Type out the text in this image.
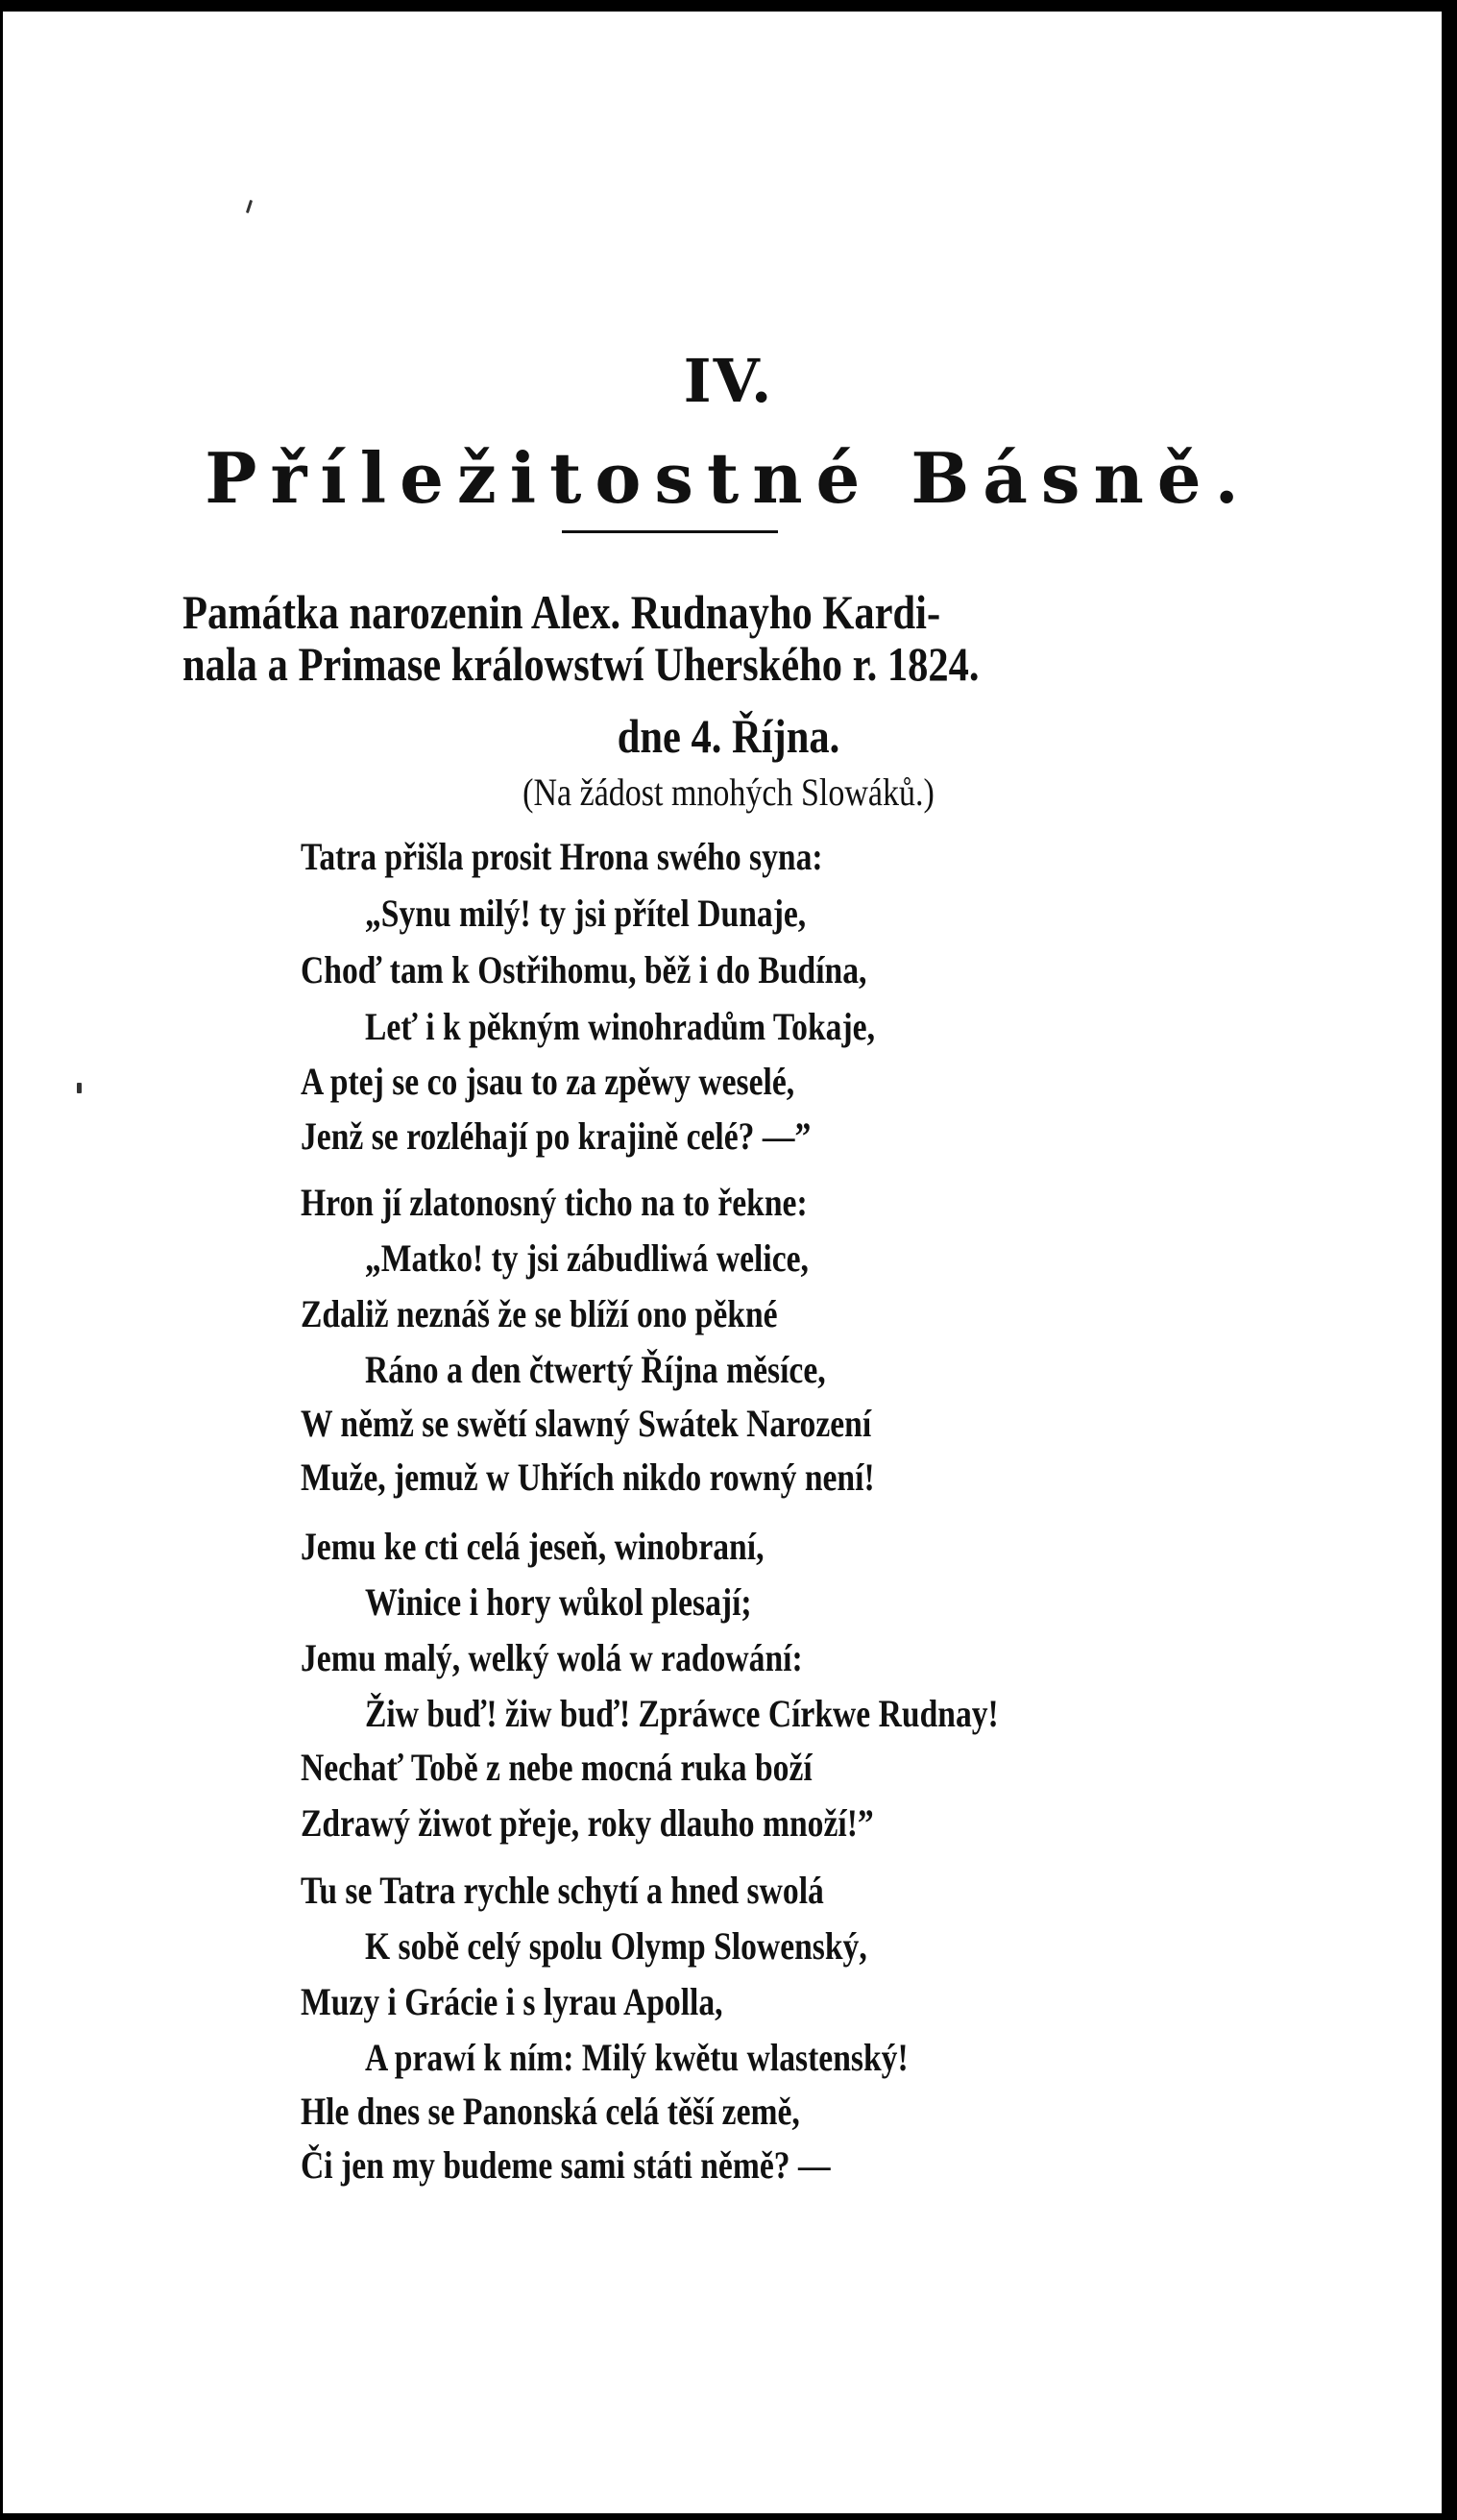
IV.
Příležitostné Básně.
Památka narozenin Alex. Rudnayho Kardi-
nala a Primase králowstwí Uherského r. 1824.
dne 4. Října.
(Na žádost mnohých Slowáků.)
Tatra přišla prosit Hrona swého syna:
„Synu milý! ty jsi přítel Dunaje,
Choď tam k Ostřihomu, běž i do Budína,
Leť i k pěkným winohradům Tokaje,
A ptej se co jsau to za zpěwy weselé,
Jenž se rozléhají po krajině celé? —”
Hron jí zlatonosný ticho na to řekne:
„Matko! ty jsi zábudliwá welice,
Zdaliž neznáš že se blíží ono pěkné
Ráno a den čtwertý Října měsíce,
W němž se swětí slawný Swátek Narození
Muže, jemuž w Uhřích nikdo rowný není!
Jemu ke cti celá jeseň, winobraní,
Winice i hory wůkol plesají;
Jemu malý, welký wolá w radowání:
Žiw buď! žiw buď! Zpráwce Církwe Rudnay!
Nechať Tobě z nebe mocná ruka boží
Zdrawý žiwot přeje, roky dlauho množí!”
Tu se Tatra rychle schytí a hned swolá
K sobě celý spolu Olymp Slowenský,
Muzy i Grácie i s lyrau Apolla,
A prawí k ním: Milý kwětu wlastenský!
Hle dnes se Panonská celá těší země,
Či jen my budeme sami státi němě? —
